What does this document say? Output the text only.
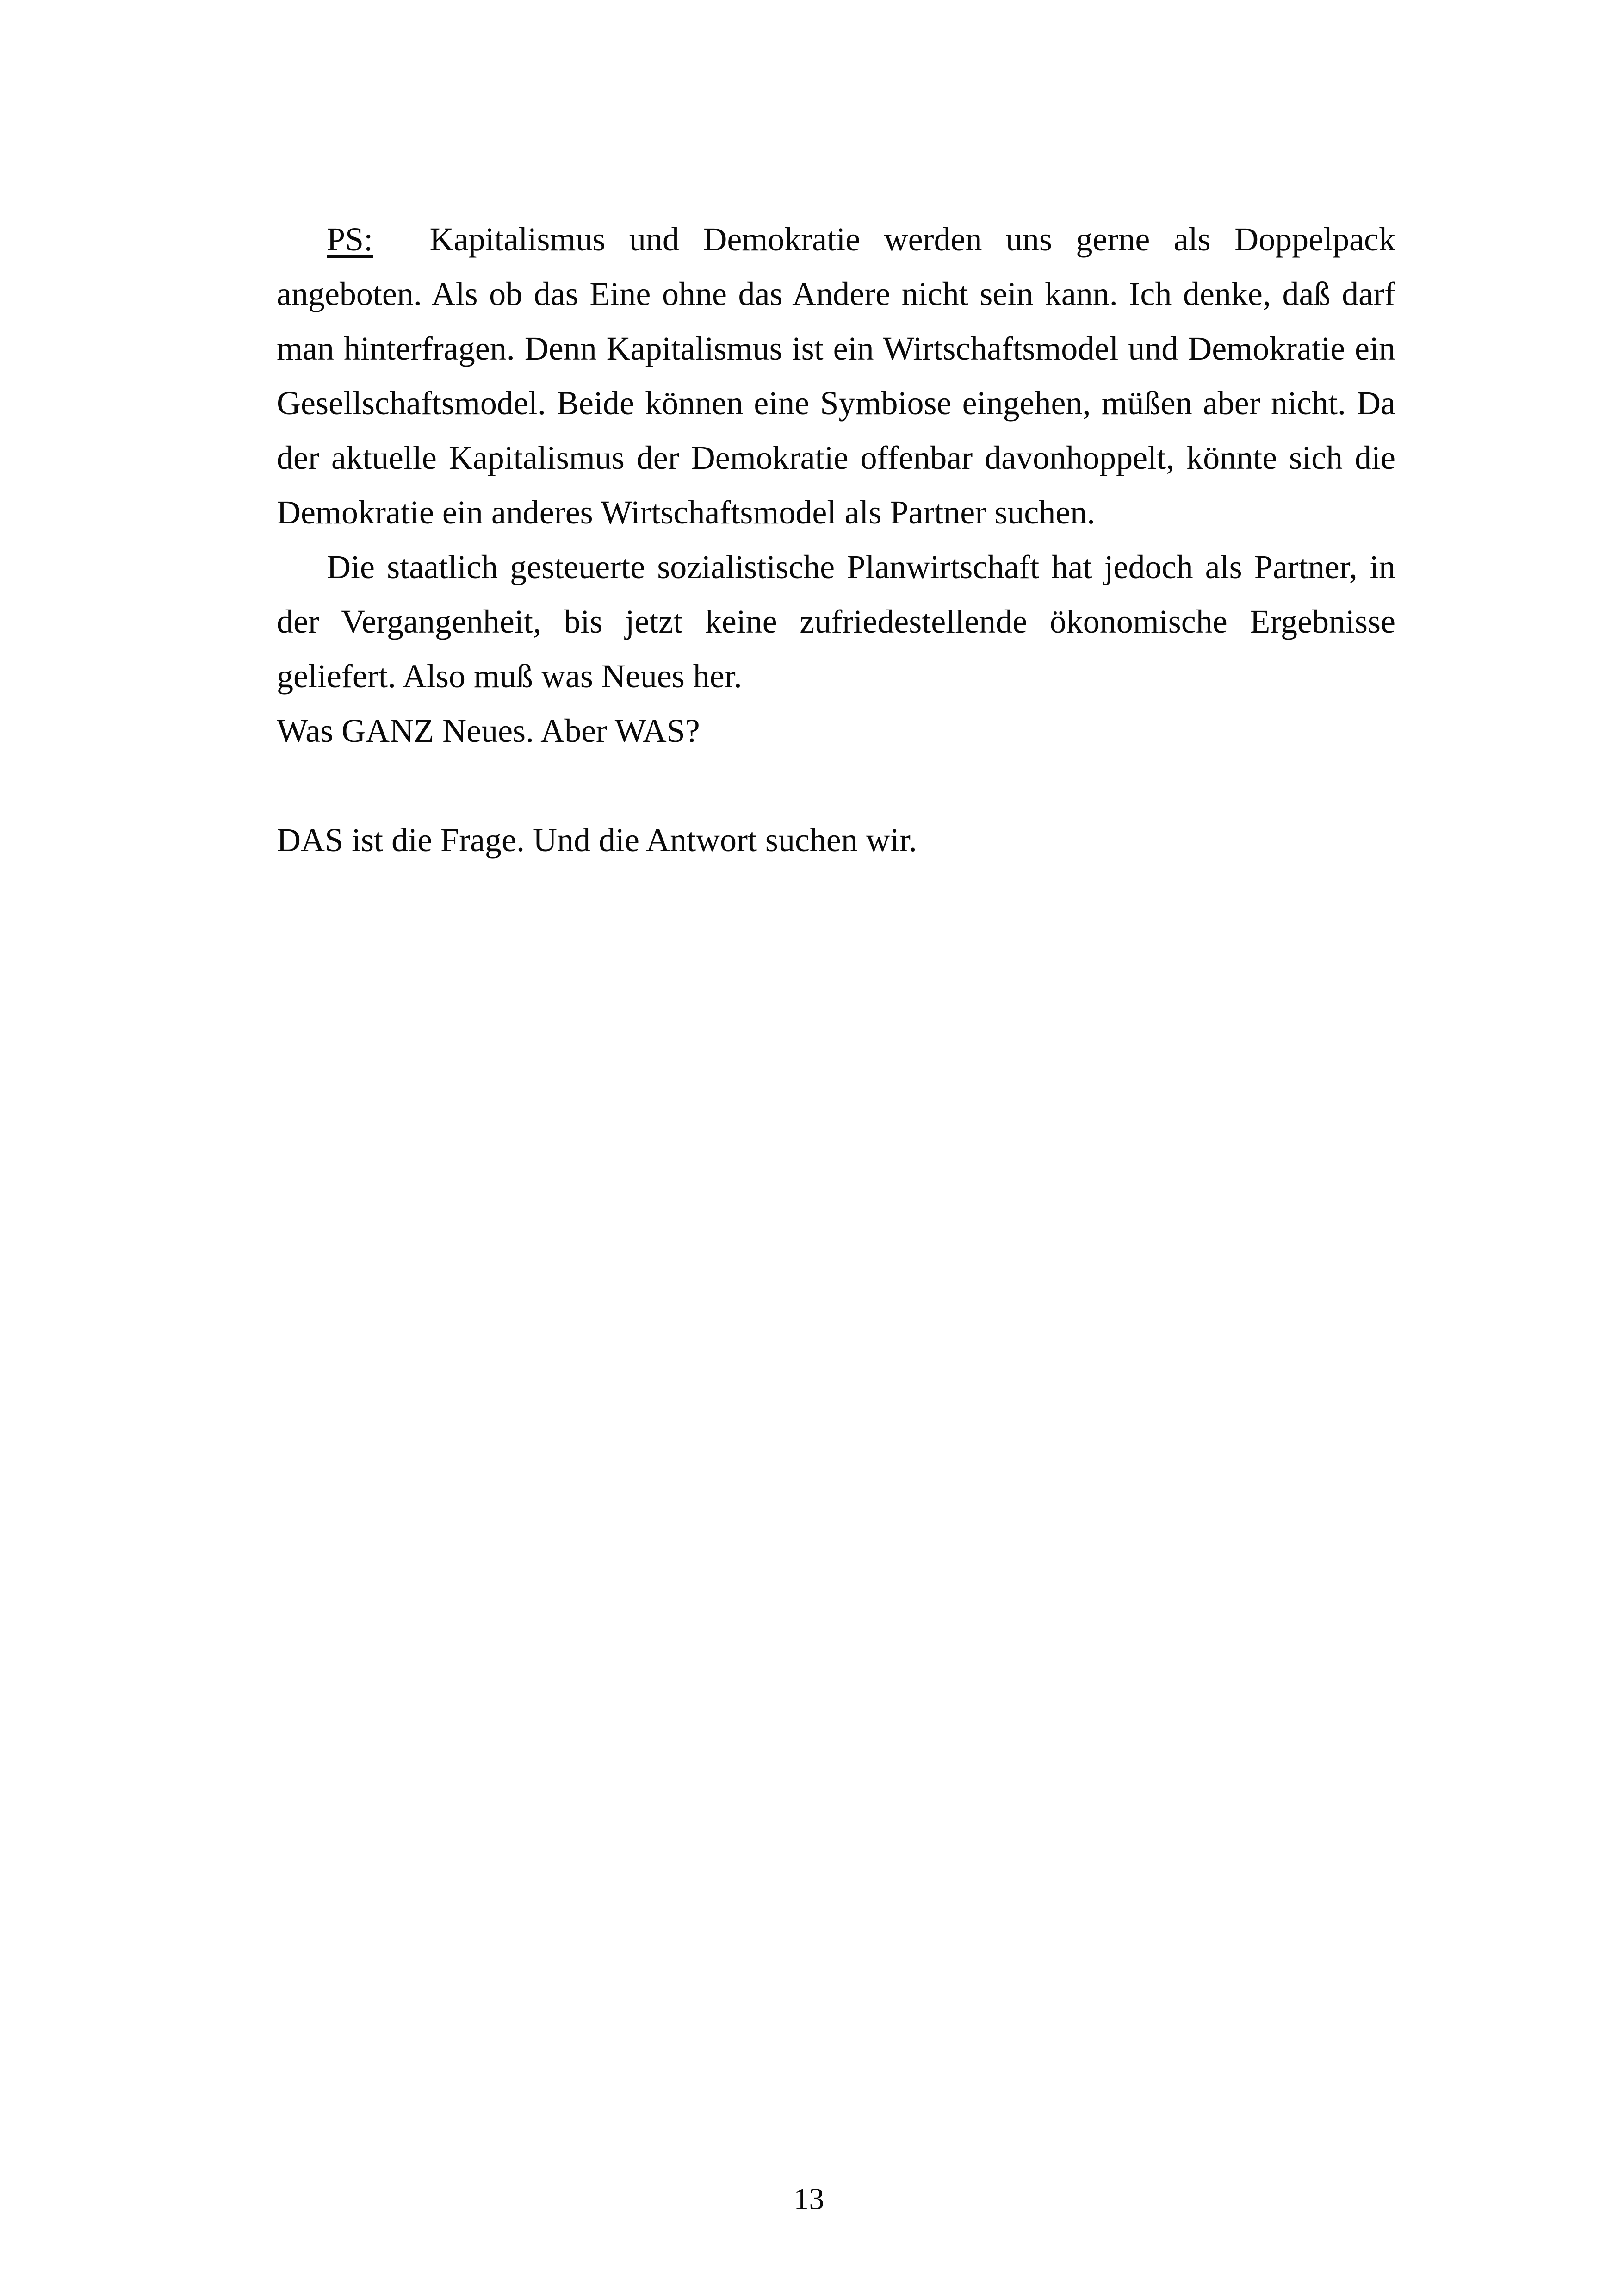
PS: Kapitalismus und Demokratie werden uns gerne als Doppelpack angeboten. Als ob das Eine ohne das Andere nicht sein kann. Ich denke, daß darf man hinterfragen. Denn Kapitalismus ist ein Wirtschaftsmodel und Demokratie ein Gesellschaftsmodel. Beide können eine Symbiose eingehen, müßen aber nicht. Da der aktuelle Kapitalismus der Demokratie offenbar davonhoppelt, könnte sich die Demokratie ein anderes Wirtschaftsmodel als Partner suchen.

Die staatlich gesteuerte sozialistische Planwirtschaft hat jedoch als Partner, in der Vergangenheit, bis jetzt keine zufriedestellende ökonomische Ergebnisse geliefert. Also muß was Neues her.

Was GANZ Neues. Aber WAS?

DAS ist die Frage. Und die Antwort suchen wir.

13
